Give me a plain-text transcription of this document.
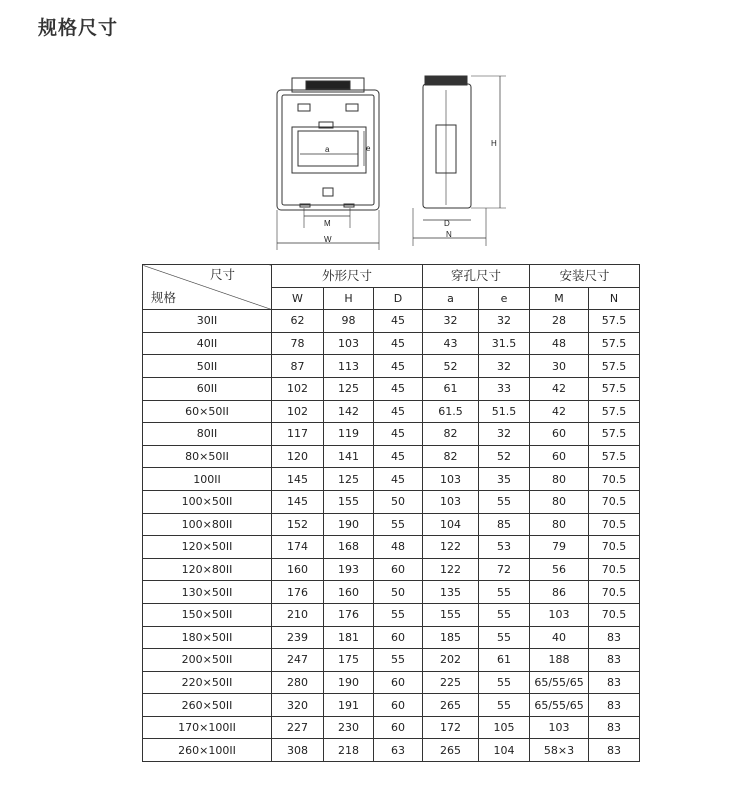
规格尺寸
a	e
M
W
D
N
H
尺寸
规格	外形尺寸			穿孔尺寸		安装尺寸	
	W	H	D	a	e	M	N
30II	62	98	45	32	32	28	57.5
40II	78	103	45	43	31.5	48	57.5
50II	87	113	45	52	32	30	57.5
60II	102	125	45	61	33	42	57.5
60×50II	102	142	45	61.5	51.5	42	57.5
80II	117	119	45	82	32	60	57.5
80×50II	120	141	45	82	52	60	57.5
100II	145	125	45	103	35	80	70.5
100×50II	145	155	50	103	55	80	70.5
100×80II	152	190	55	104	85	80	70.5
120×50II	174	168	48	122	53	79	70.5
120×80II	160	193	60	122	72	56	70.5
130×50II	176	160	50	135	55	86	70.5
150×50II	210	176	55	155	55	103	70.5
180×50II	239	181	60	185	55	40	83
200×50II	247	175	55	202	61	188	83
220×50II	280	190	60	225	55	65/55/65	83
260×50II	320	191	60	265	55	65/55/65	83
170×100II	227	230	60	172	105	103	83
260×100II	308	218	63	265	104	58×3	83
